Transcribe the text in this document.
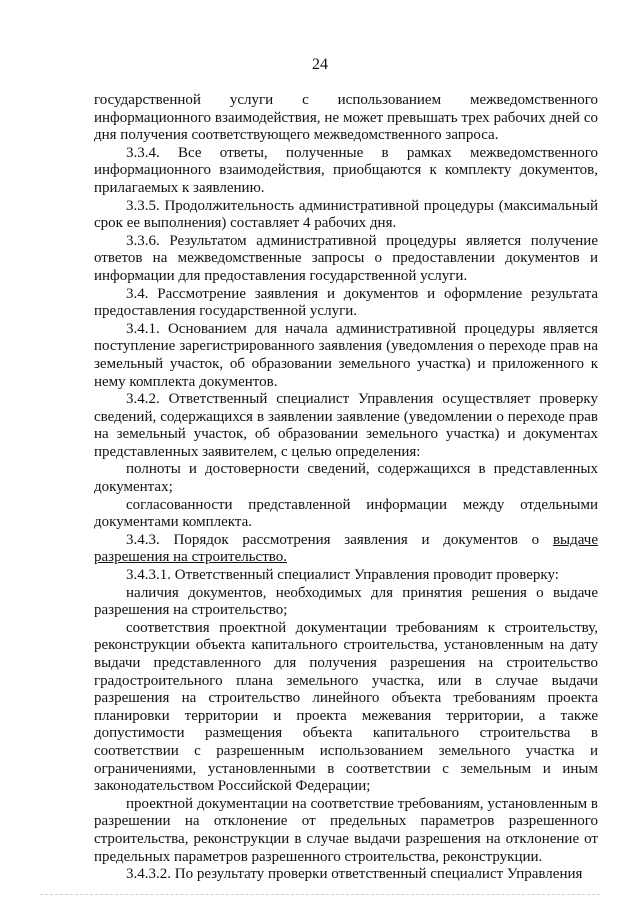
24

государственной услуги с использованием межведомственного информационного взаимодействия, не может превышать трех рабочих дней со дня получения соответствующего межведомственного запроса.

3.3.4. Все ответы, полученные в рамках межведомственного информационного взаимодействия, приобщаются к комплекту документов, прилагаемых к заявлению.

3.3.5. Продолжительность административной процедуры (максимальный срок ее выполнения) составляет 4 рабочих дня.

3.3.6. Результатом административной процедуры является получение ответов на межведомственные запросы о предоставлении документов и информации для предоставления государственной услуги.

3.4. Рассмотрение заявления и документов и оформление результата предоставления государственной услуги.

3.4.1. Основанием для начала административной процедуры является поступление зарегистрированного заявления (уведомления о переходе прав на земельный участок, об образовании земельного участка) и приложенного к нему комплекта документов.

3.4.2. Ответственный специалист Управления осуществляет проверку сведений, содержащихся в заявлении заявление (уведомлении о переходе прав на земельный участок, об образовании земельного участка) и документах представленных заявителем, с целью определения:

полноты и достоверности сведений, содержащихся в представленных документах;

согласованности представленной информации между отдельными документами комплекта.

3.4.3. Порядок рассмотрения заявления и документов о выдаче разрешения на строительство.

3.4.3.1. Ответственный специалист Управления проводит проверку:

наличия документов, необходимых для принятия решения о выдаче разрешения на строительство;

соответствия проектной документации требованиям к строительству, реконструкции объекта капитального строительства, установленным на дату выдачи представленного для получения разрешения на строительство градостроительного плана земельного участка, или в случае выдачи разрешения на строительство линейного объекта требованиям проекта планировки территории и проекта межевания территории, а также допустимости размещения объекта капитального строительства в соответствии с разрешенным использованием земельного участка и ограничениями, установленными в соответствии с земельным и иным законодательством Российской Федерации;

проектной документации на соответствие требованиям, установленным в разрешении на отклонение от предельных параметров разрешенного строительства, реконструкции в случае выдачи разрешения на отклонение от предельных параметров разрешенного строительства, реконструкции.

3.4.3.2. По результату проверки ответственный специалист Управления
